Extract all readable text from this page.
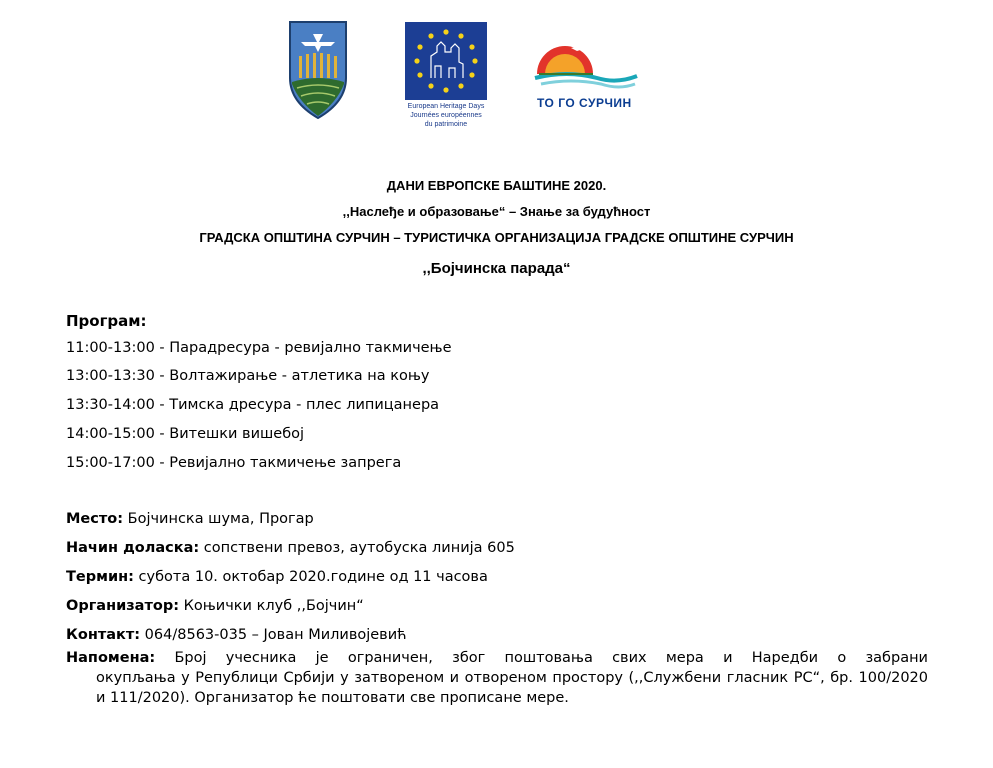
European Heritage Days
Journées européennes
du patrimoine
ТО ГО СУРЧИН
ДАНИ ЕВРОПСКЕ БАШТИНЕ 2020.
,,Наслеђе и образовање“ – Знање за будућност
ГРАДСКА ОПШТИНА СУРЧИН – ТУРИСТИЧКА ОРГАНИЗАЦИЈА ГРАДСКЕ ОПШТИНЕ СУРЧИН
,,Бојчинска парада“
Програм:
11:00-13:00 - Парадресура - ревијално такмичење
13:00-13:30 - Волтажирање - атлетика на коњу
13:30-14:00 - Тимска дресура - плес липицанера
14:00-15:00 - Витешки вишебој
15:00-17:00 - Ревијално такмичење запрега
Место: Бојчинска шума, Прогар
Начин доласка: сопствени превоз, аутобуска линија 605
Термин: субота 10. октобар 2020.године од 11 часова
Организатор: Коњички клуб ,,Бојчин“
Контакт: 064/8563-035 – Јован Миливојевић
Напомена: Број учесника је ограничен, због поштовања свих мера и Наредби о забрани
окупљања у Републици Србији у затвореном и отвореном простору (,,Службени гласник РС“, бр. 100/2020 и 111/2020). Организатор ће поштовати све прописане мере.
